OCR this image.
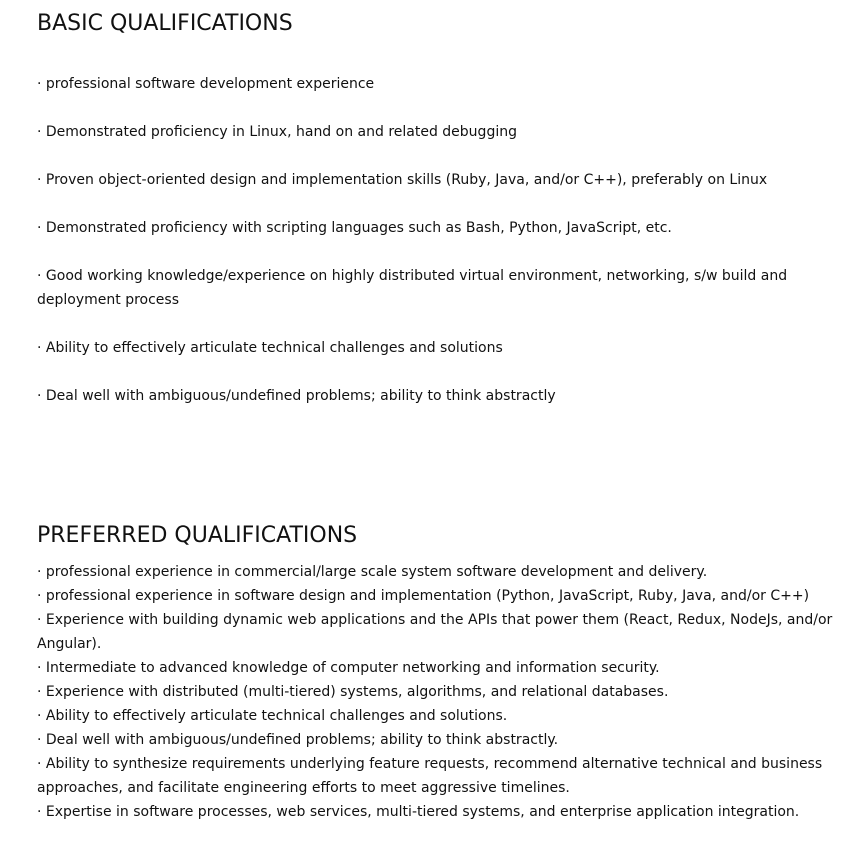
BASIC QUALIFICATIONS
· professional software development experience
· Demonstrated proficiency in Linux, hand on and related debugging
· Proven object-oriented design and implementation skills (Ruby, Java, and/or C++), preferably on Linux
· Demonstrated proficiency with scripting languages such as Bash, Python, JavaScript, etc.
· Good working knowledge/experience on highly distributed virtual environment, networking, s/w build and deployment process
· Ability to effectively articulate technical challenges and solutions
· Deal well with ambiguous/undefined problems; ability to think abstractly
PREFERRED QUALIFICATIONS
· professional experience in commercial/large scale system software development and delivery.
· professional experience in software design and implementation (Python, JavaScript, Ruby, Java, and/or C++)
· Experience with building dynamic web applications and the APIs that power them (React, Redux, NodeJs, and/or Angular).
· Intermediate to advanced knowledge of computer networking and information security.
· Experience with distributed (multi-tiered) systems, algorithms, and relational databases.
· Ability to effectively articulate technical challenges and solutions.
· Deal well with ambiguous/undefined problems; ability to think abstractly.
· Ability to synthesize requirements underlying feature requests, recommend alternative technical and business approaches, and facilitate engineering efforts to meet aggressive timelines.
· Expertise in software processes, web services, multi-tiered systems, and enterprise application integration.
